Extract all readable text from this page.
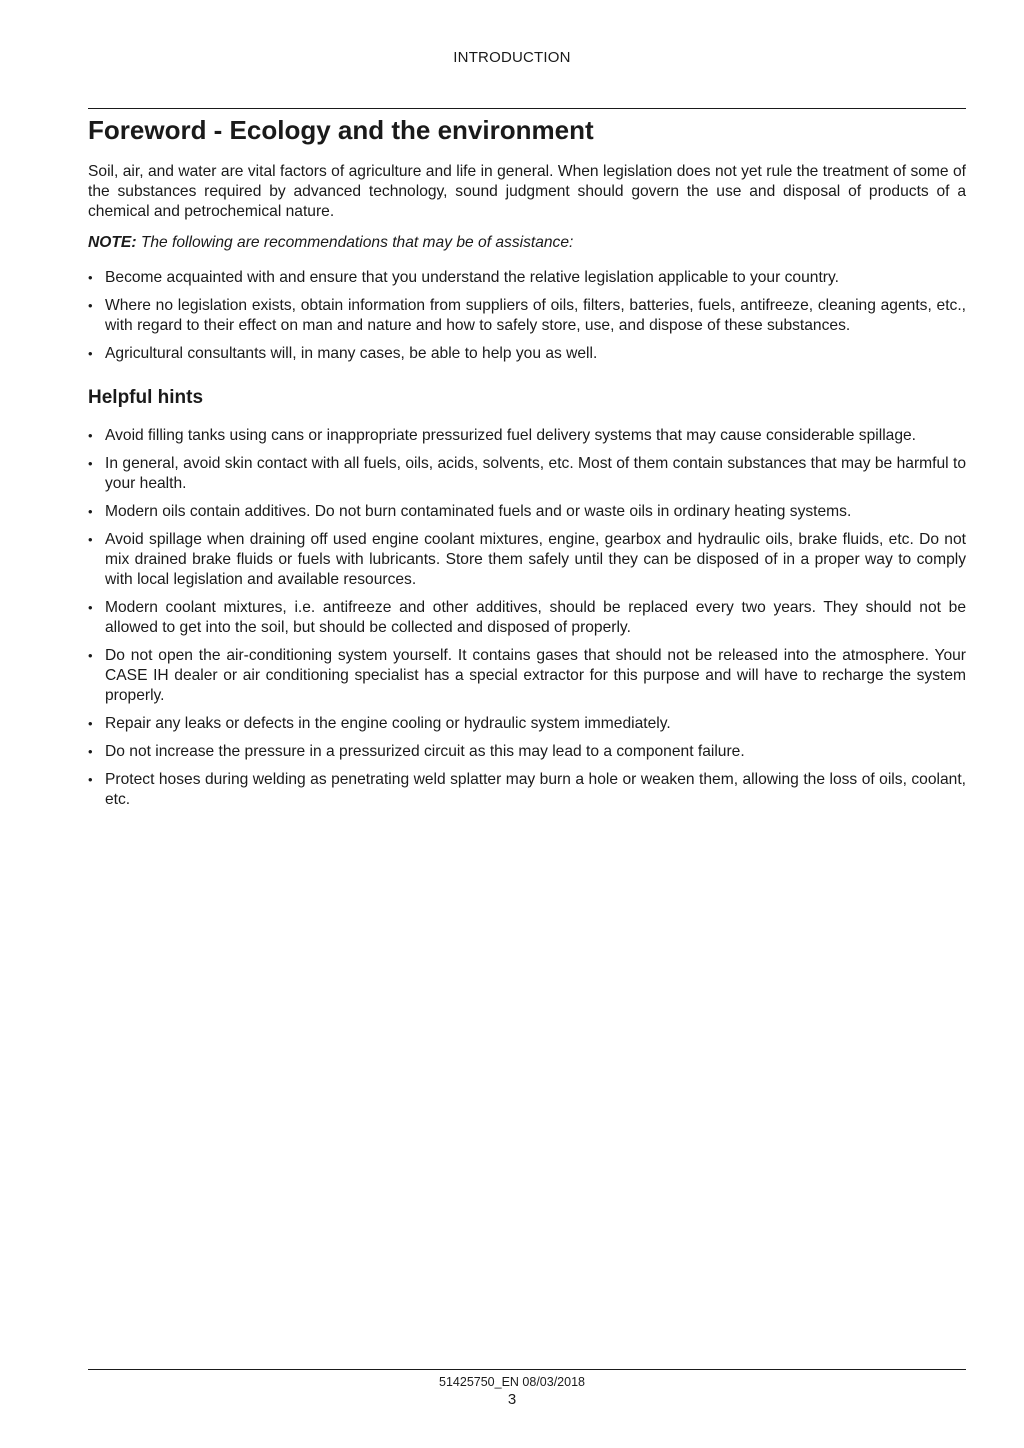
INTRODUCTION
Foreword - Ecology and the environment

Soil, air, and water are vital factors of agriculture and life in general. When legislation does not yet rule the treatment of some of the substances required by advanced technology, sound judgment should govern the use and disposal of products of a chemical and petrochemical nature.

NOTE: The following are recommendations that may be of assistance:

• Become acquainted with and ensure that you understand the relative legislation applicable to your country.
• Where no legislation exists, obtain information from suppliers of oils, filters, batteries, fuels, antifreeze, cleaning agents, etc., with regard to their effect on man and nature and how to safely store, use, and dispose of these substances.
• Agricultural consultants will, in many cases, be able to help you as well.
Helpful hints
• Avoid filling tanks using cans or inappropriate pressurized fuel delivery systems that may cause considerable spillage.
• In general, avoid skin contact with all fuels, oils, acids, solvents, etc. Most of them contain substances that may be harmful to your health.
• Modern oils contain additives. Do not burn contaminated fuels and or waste oils in ordinary heating systems.
• Avoid spillage when draining off used engine coolant mixtures, engine, gearbox and hydraulic oils, brake fluids, etc. Do not mix drained brake fluids or fuels with lubricants. Store them safely until they can be disposed of in a proper way to comply with local legislation and available resources.
• Modern coolant mixtures, i.e. antifreeze and other additives, should be replaced every two years. They should not be allowed to get into the soil, but should be collected and disposed of properly.
• Do not open the air-conditioning system yourself. It contains gases that should not be released into the atmosphere. Your CASE IH dealer or air conditioning specialist has a special extractor for this purpose and will have to recharge the system properly.
• Repair any leaks or defects in the engine cooling or hydraulic system immediately.
• Do not increase the pressure in a pressurized circuit as this may lead to a component failure.
• Protect hoses during welding as penetrating weld splatter may burn a hole or weaken them, allowing the loss of oils, coolant, etc.
51425750_EN 08/03/2018
3
